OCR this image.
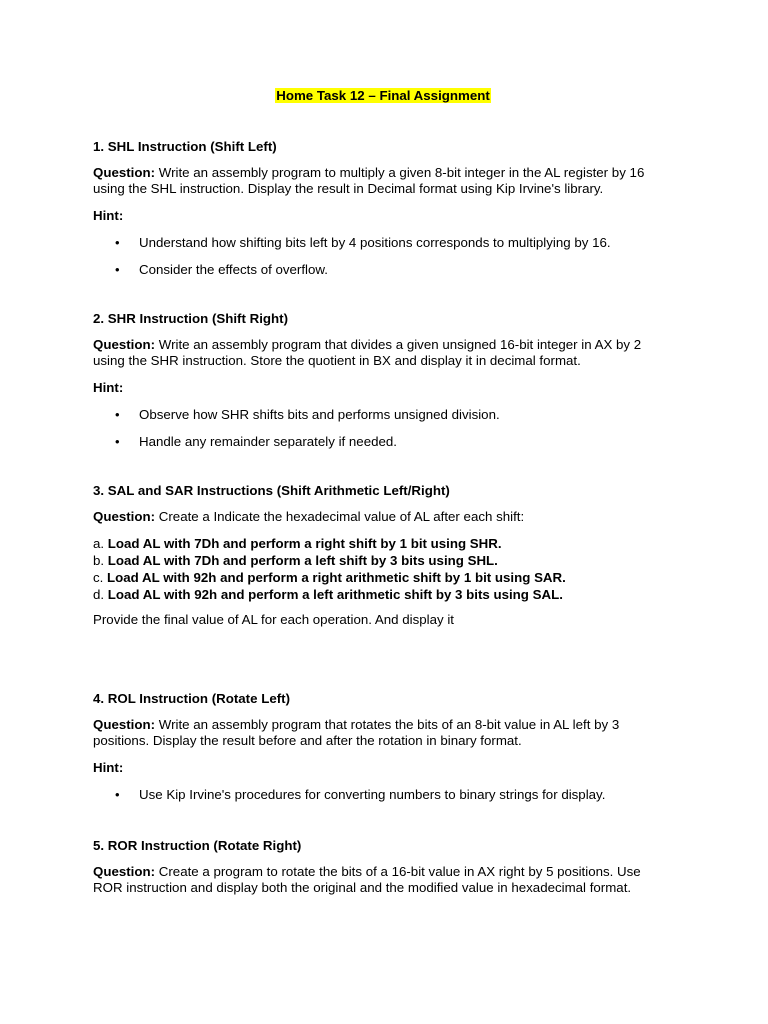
Home Task 12 – Final Assignment
1. SHL Instruction (Shift Left)
Question: Write an assembly program to multiply a given 8-bit integer in the AL register by 16 using the SHL instruction. Display the result in Decimal format using Kip Irvine's library.
Hint:
• Understand how shifting bits left by 4 positions corresponds to multiplying by 16.
• Consider the effects of overflow.
2. SHR Instruction (Shift Right)
Question: Write an assembly program that divides a given unsigned 16-bit integer in AX by 2 using the SHR instruction. Store the quotient in BX and display it in decimal format.
Hint:
• Observe how SHR shifts bits and performs unsigned division.
• Handle any remainder separately if needed.
3. SAL and SAR Instructions (Shift Arithmetic Left/Right)
Question: Create a Indicate the hexadecimal value of AL after each shift:
a. Load AL with 7Dh and perform a right shift by 1 bit using SHR.
b. Load AL with 7Dh and perform a left shift by 3 bits using SHL.
c. Load AL with 92h and perform a right arithmetic shift by 1 bit using SAR.
d. Load AL with 92h and perform a left arithmetic shift by 3 bits using SAL.
Provide the final value of AL for each operation. And display it
4. ROL Instruction (Rotate Left)
Question: Write an assembly program that rotates the bits of an 8-bit value in AL left by 3 positions. Display the result before and after the rotation in binary format.
Hint:
• Use Kip Irvine's procedures for converting numbers to binary strings for display.
5. ROR Instruction (Rotate Right)
Question: Create a program to rotate the bits of a 16-bit value in AX right by 5 positions. Use ROR instruction and display both the original and the modified value in hexadecimal format.
